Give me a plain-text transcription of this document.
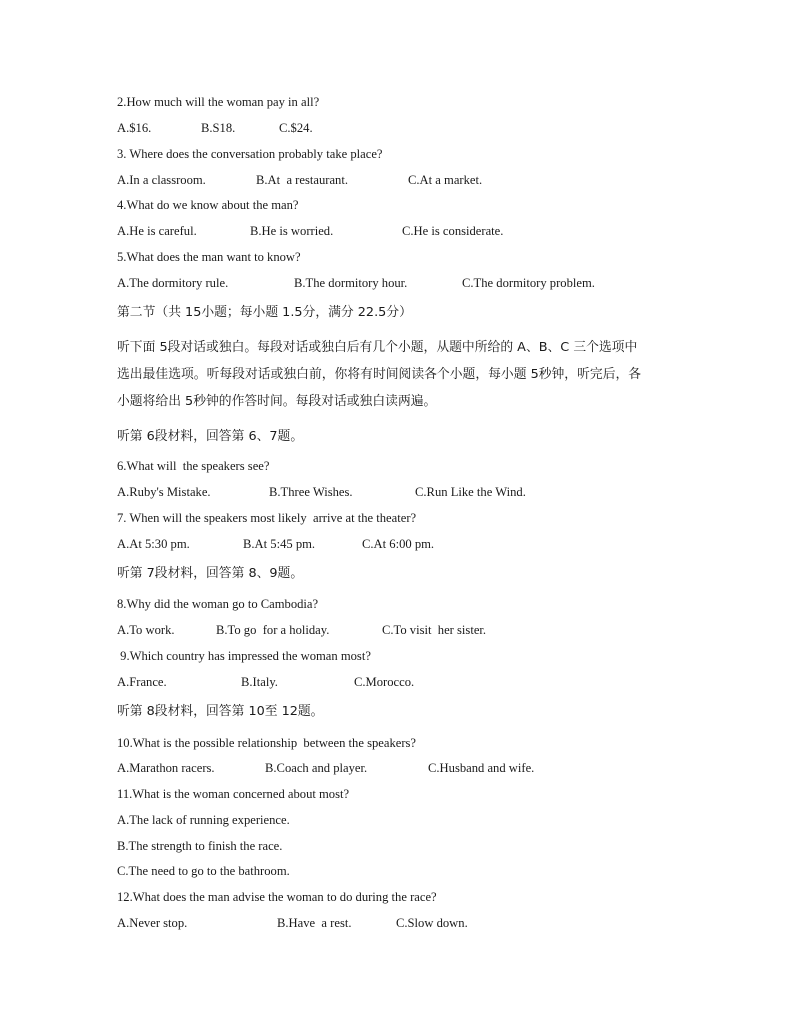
2.How much will the woman pay in all?

A.$16.

	B.S18.

	C.$24.

3. Where does the conversation probably take place?

A.In a classroom.

	B.At  a restaurant.

	C.At a market.

4.What do we know about the man?

A.He is careful.

	B.He is worried.

	C.He is considerate.

5.What does the man want to know?

A.The dormitory rule.

	B.The dormitory hour.

	C.The dormitory problem.

第二节（共 15小题；每小题 1.5分，满分 22.5分）
听下面 5段对话或独白。每段对话或独白后有几个小题，从题中所给的 A、B、C 三个选项中
选出最佳选项。听每段对话或独白前，你将有时间阅读各个小题，每小题 5秒钟，听完后，各
小题将给出 5秒钟的作答时间。每段对话或独白读两遍。
听第 6段材料，回答第 6、7题。
6.What will  the speakers see?

A.Ruby's Mistake.

	B.Three Wishes.

	C.Run Like the Wind.

7. When will the speakers most likely  arrive at the theater?

A.At 5:30 pm.

	B.At 5:45 pm.

	C.At 6:00 pm.

听第 7段材料，回答第 8、9题。
8.Why did the woman go to Cambodia?

A.To work.

	B.To go  for a holiday.

	C.To visit  her sister.

9.Which country has impressed the woman most?

A.France.

	B.Italy.

	C.Morocco.

听第 8段材料，回答第 10至 12题。
10.What is the possible relationship  between the speakers?

A.Marathon racers.

	B.Coach and player.

	C.Husband and wife.

11.What is the woman concerned about most?
A.The lack of running experience.
B.The strength to finish the race.
C.The need to go to the bathroom.
12.What does the man advise the woman to do during the race?

A.Never stop.

	B.Have  a rest.

	C.Slow down.
